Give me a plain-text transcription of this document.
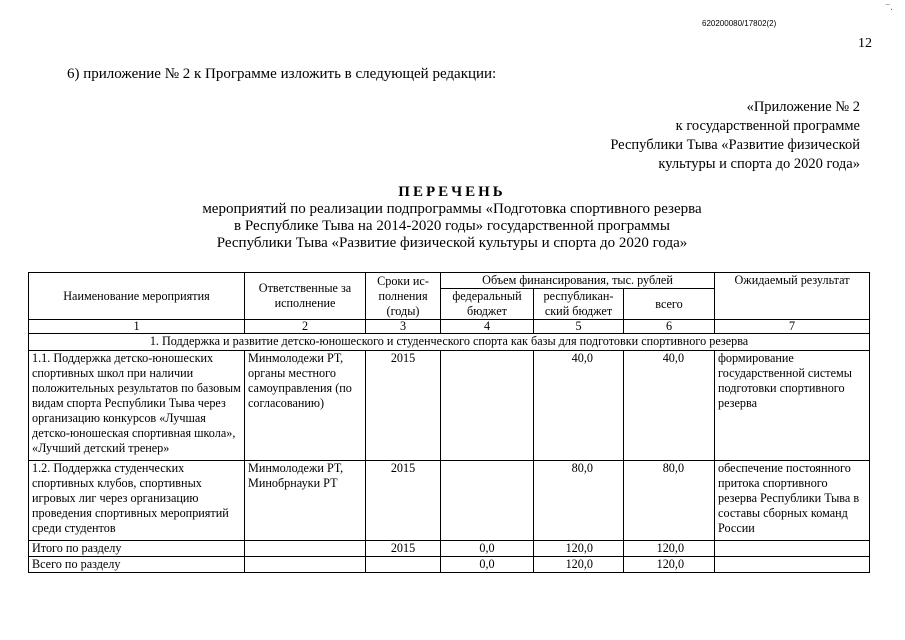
620200080/17802(2)
⁻.
12
6) приложение № 2 к Программе изложить в следующей редакции:
«Приложение № 2
к государственной программе
Республики Тыва «Развитие физической
культуры и спорта до 2020 года»
ПЕРЕЧЕНЬ
мероприятий по реализации подпрограммы «Подготовка спортивного резерва
в Республике Тыва на 2014-2020 годы» государственной программы
Республики Тыва «Развитие физической культуры и спорта до 2020 года»
Наименование мероприятия	Ответственные за исполнение	Сроки ис-полнения (годы)	Объем финансирования, тыс. рублей			Ожидаемый результат
			федеральный бюджет	республикан-ский бюджет	всего	
1	2	3	4	5	6	7
1. Поддержка и развитие детско-юношеского и студенческого спорта как базы для подготовки спортивного резерва						
1.1. Поддержка детско-юношеских спортивных школ при наличии положительных результатов по базовым видам спорта Республики Тыва через организацию конкурсов «Лучшая детско-юношеская спортивная школа», «Лучший детский тренер»	Минмолодежи РТ, органы местного самоуправления (по согласованию)	2015		40,0	40,0	формирование государственной системы подготовки спортивного резерва
1.2. Поддержка студенческих спортивных клубов, спортивных игровых лиг через организацию проведения спортивных мероприятий среди студентов	Минмолодежи РТ, Минобрнауки РТ	2015		80,0	80,0	обеспечение постоянного притока спортивного резерва Республики Тыва в составы сборных команд России
Итого по разделу		2015	0,0	120,0	120,0	
Всего по разделу			0,0	120,0	120,0	
